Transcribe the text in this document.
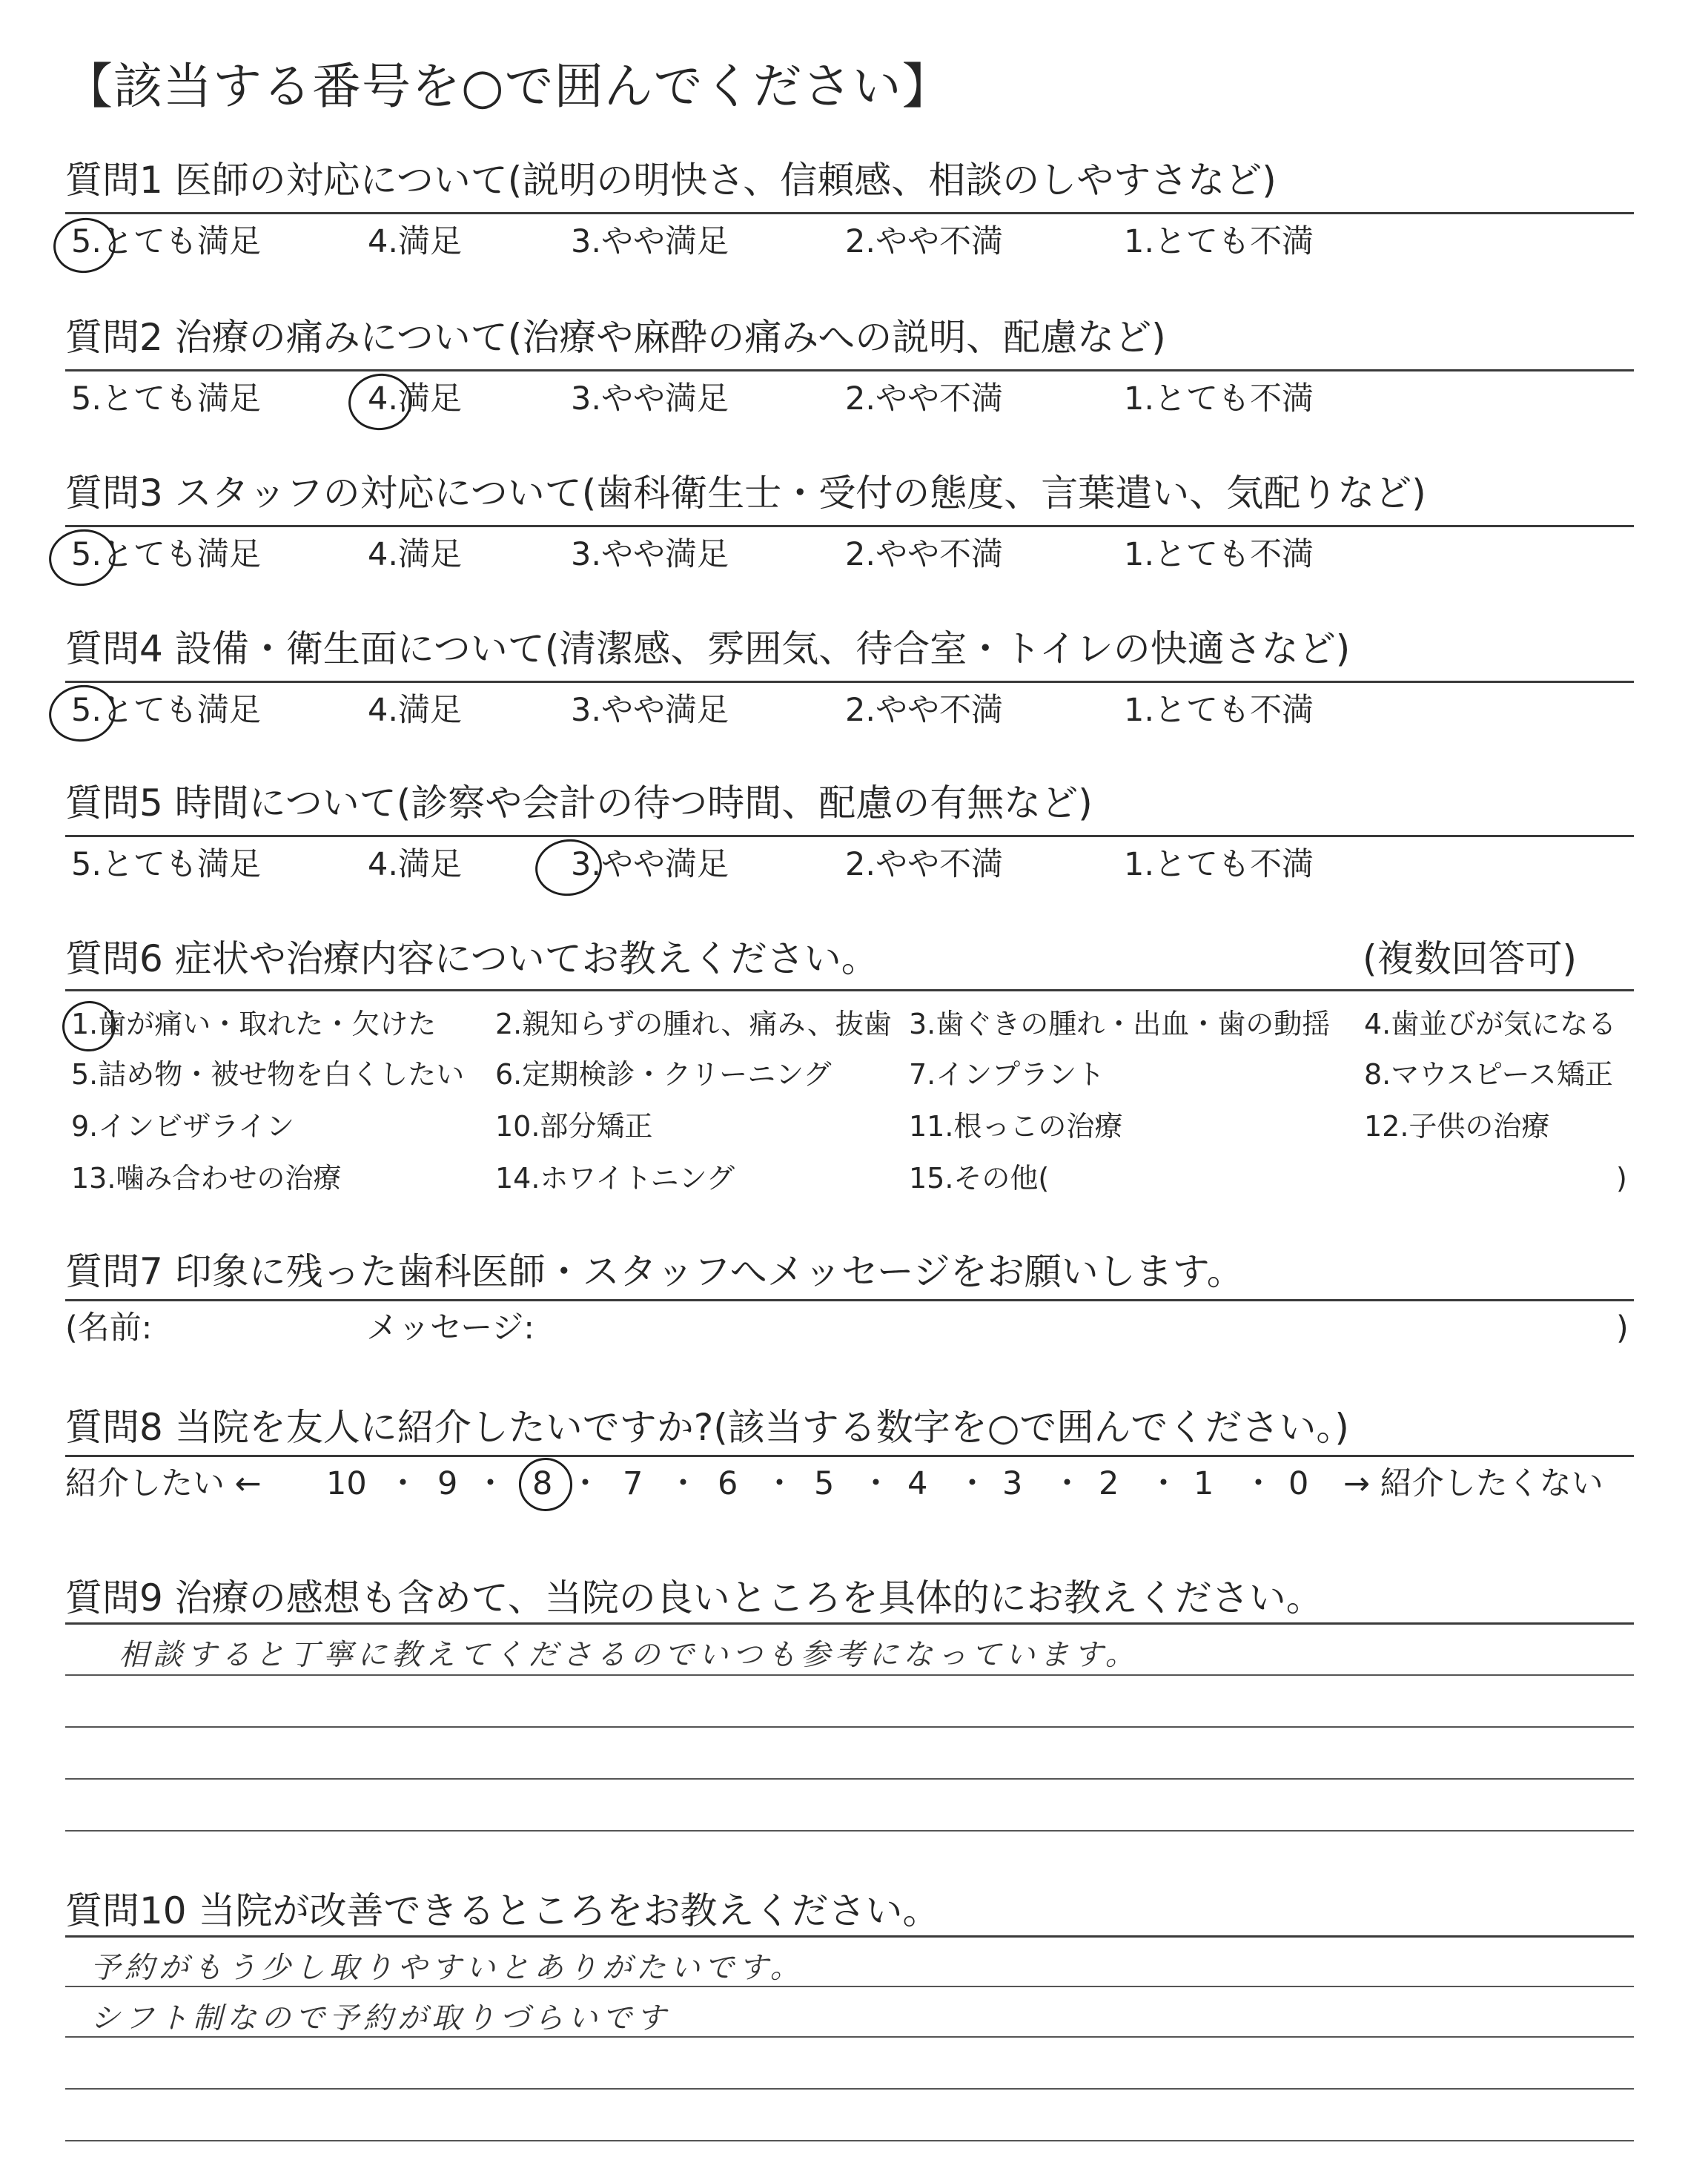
【該当する番号を○で囲んでください】
質問1 医師の対応について(説明の明快さ、信頼感、相談のしやすさなど)
5.とても満足	4.満足	3.やや満足	2.やや不満	1.とても不満
質問2 治療の痛みについて(治療や麻酔の痛みへの説明、配慮など)
5.とても満足	4.満足	3.やや満足	2.やや不満	1.とても不満
質問3 スタッフの対応について(歯科衛生士・受付の態度、言葉遣い、気配りなど)
5.とても満足	4.満足	3.やや満足	2.やや不満	1.とても不満
質問4 設備・衛生面について(清潔感、雰囲気、待合室・トイレの快適さなど)
5.とても満足	4.満足	3.やや満足	2.やや不満	1.とても不満
質問5 時間について(診察や会計の待つ時間、配慮の有無など)
5.とても満足	4.満足	3.やや満足	2.やや不満	1.とても不満
質問6 症状や治療内容についてお教えください。	(複数回答可)
1.歯が痛い・取れた・欠けた 2.親知らずの腫れ、痛み、抜歯 3.歯ぐきの腫れ・出血・歯の動揺 4.歯並びが気になる
5.詰め物・被せ物を白くしたい 6.定期検診・クリーニング	7.インプラント	8.マウスピース矯正
9.インビザライン	10.部分矯正	11.根っこの治療	12.子供の治療
13.噛み合わせの治療	14.ホワイトニング	15.その他(	)
質問7 印象に残った歯科医師・スタッフへメッセージをお願いします。
(名前:	メッセージ:	)
質問8 当院を友人に紹介したいですか?(該当する数字を○で囲んでください。)
紹介したい ← 10 ・ 9 ・ 8 ・ 7 ・ 6 ・ 5 ・ 4 ・ 3 ・ 2 ・ 1 ・ 0 → 紹介したくない
質問9 治療の感想も含めて、当院の良いところを具体的にお教えください。
相談すると丁寧に教えてくださるのでいつも参考になっています。
質問10 当院が改善できるところをお教えください。
予約がもう少し取りやすいとありがたいです。
シフト制なので予約が取りづらいです
